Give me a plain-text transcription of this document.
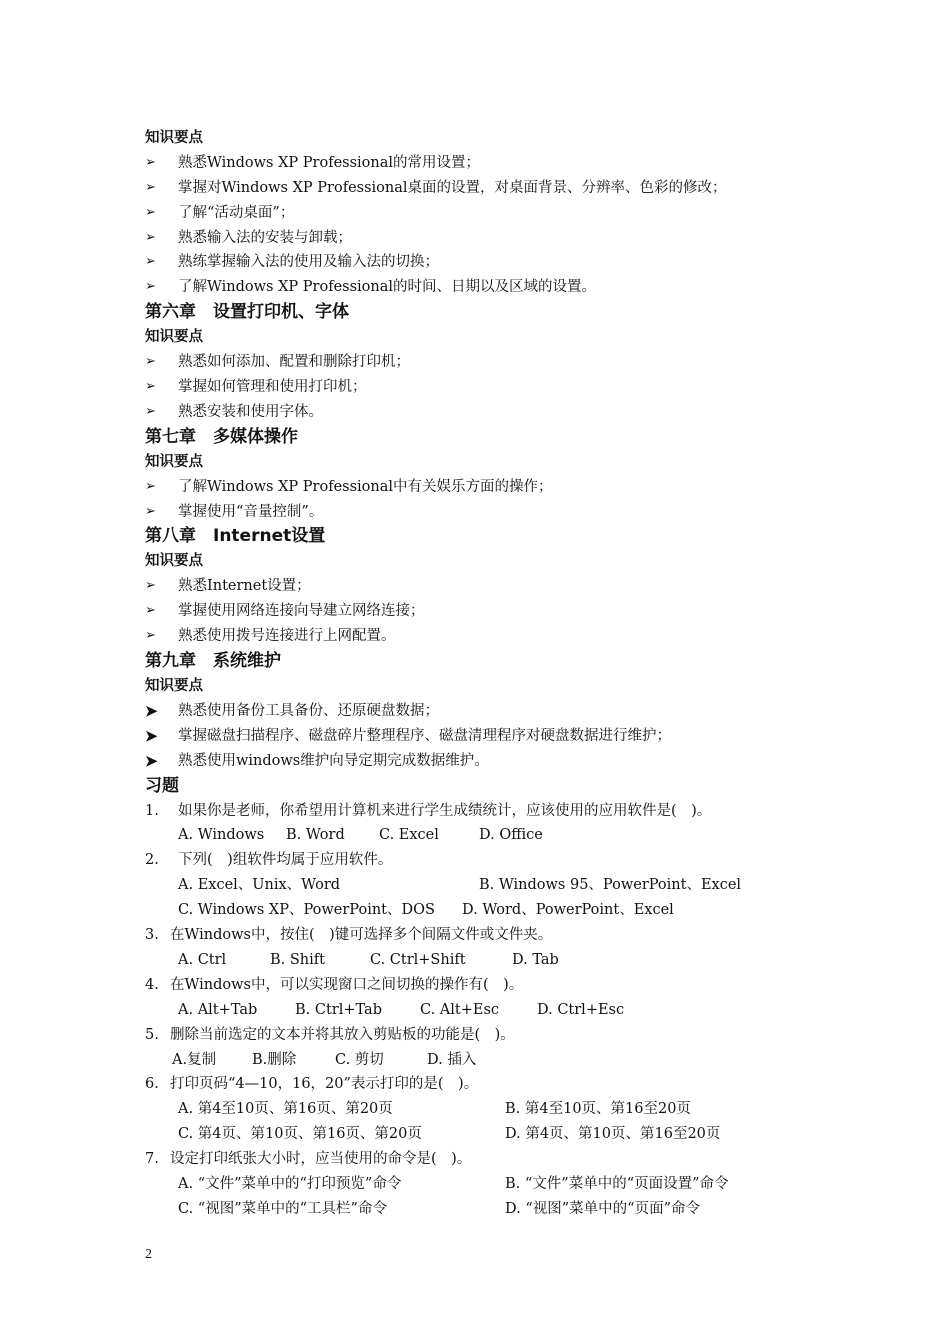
知识要点
➢	熟悉Windows XP Professional的常用设置；
➢	掌握对Windows XP Professional桌面的设置，对桌面背景、分辨率、色彩的修改；
➢	了解“活动桌面”；
➢	熟悉输入法的安装与卸载；
➢	熟练掌握输入法的使用及输入法的切换；
➢	了解Windows XP Professional的时间、日期以及区域的设置。
第六章　设置打印机、字体
知识要点
➢	熟悉如何添加、配置和删除打印机；
➢	掌握如何管理和使用打印机；
➢	熟悉安装和使用字体。
第七章　多媒体操作
知识要点
➢	了解Windows XP Professional中有关娱乐方面的操作；
➢	掌握使用“音量控制”。
第八章　Internet设置
知识要点
➢	熟悉Internet设置；
➢	掌握使用网络连接向导建立网络连接；
➢	熟悉使用拨号连接进行上网配置。
第九章　系统维护
知识要点
➤	熟悉使用备份工具备份、还原硬盘数据；
➤	掌握磁盘扫描程序、磁盘碎片整理程序、磁盘清理程序对硬盘数据进行维护；
➤	熟悉使用windows维护向导定期完成数据维护。
习题
1.	如果你是老师，你希望用计算机来进行学生成绩统计，应该使用的应用软件是(　)。
A. Windows B. Word C. Excel	D. Office
2.	下列(　)组软件均属于应用软件。
A. Excel、Unix、Word	B. Windows 95、PowerPoint、Excel
C. Windows XP、PowerPoint、DOS D. Word、PowerPoint、Excel
3. 在Windows中，按住(　)键可选择多个间隔文件或文件夹。
A. Ctrl	B. Shift	C. Ctrl+Shift	D. Tab
4. 在Windows中，可以实现窗口之间切换的操作有(　)。
A. Alt+Tab	B. Ctrl+Tab	C. Alt+Esc	D. Ctrl+Esc
5. 删除当前选定的文本并将其放入剪贴板的功能是(　)。
A.复制 B.删除	C. 剪切	D. 插入
6. 打印页码“4—10，16，20”表示打印的是(　)。
A. 第4至10页、第16页、第20页	B. 第4至10页、第16至20页
C. 第4页、第10页、第16页、第20页	D. 第4页、第10页、第16至20页
7. 设定打印纸张大小时，应当使用的命令是(　)。
A. “文件”菜单中的“打印预览”命令	B. “文件”菜单中的“页面设置”命令
C. “视图”菜单中的“工具栏”命令	D. “视图”菜单中的“页面”命令
2
